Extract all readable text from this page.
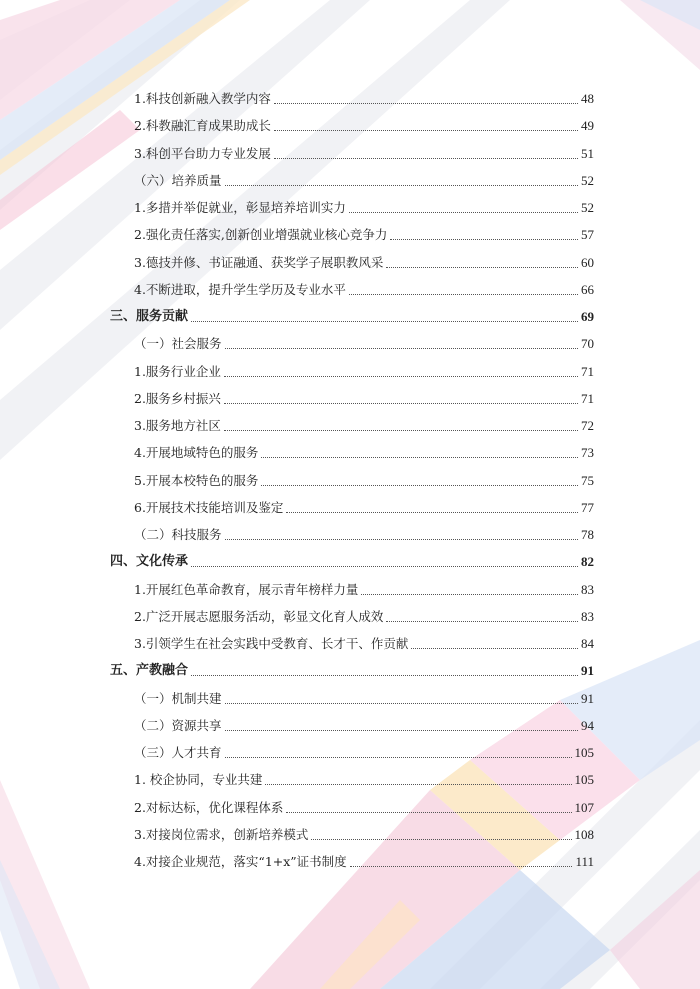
1.科技创新融入教学内容	48
2.科教融汇育成果助成长	49
3.科创平台助力专业发展	51
（六）培养质量	52
1.多措并举促就业，彰显培养培训实力	52
2.强化责任落实,创新创业增强就业核心竞争力	57
3.德技并修、书证融通、获奖学子展职教风采	60
4.不断进取，提升学生学历及专业水平	66
三、服务贡献	69
（一）社会服务	70
1.服务行业企业	71
2.服务乡村振兴	71
3.服务地方社区	72
4.开展地域特色的服务	73
5.开展本校特色的服务	75
6.开展技术技能培训及鉴定	77
（二）科技服务	78
四、文化传承	82
1.开展红色革命教育，展示青年榜样力量	83
2.广泛开展志愿服务活动，彰显文化育人成效	83
3.引领学生在社会实践中受教育、长才干、作贡献	84
五、产教融合	91
（一）机制共建	91
（二）资源共享	94
（三）人才共育	105
1. 校企协同，专业共建	105
2.对标达标，优化课程体系	107
3.对接岗位需求，创新培养模式	108
4.对接企业规范，落实“1+x”证书制度	111
